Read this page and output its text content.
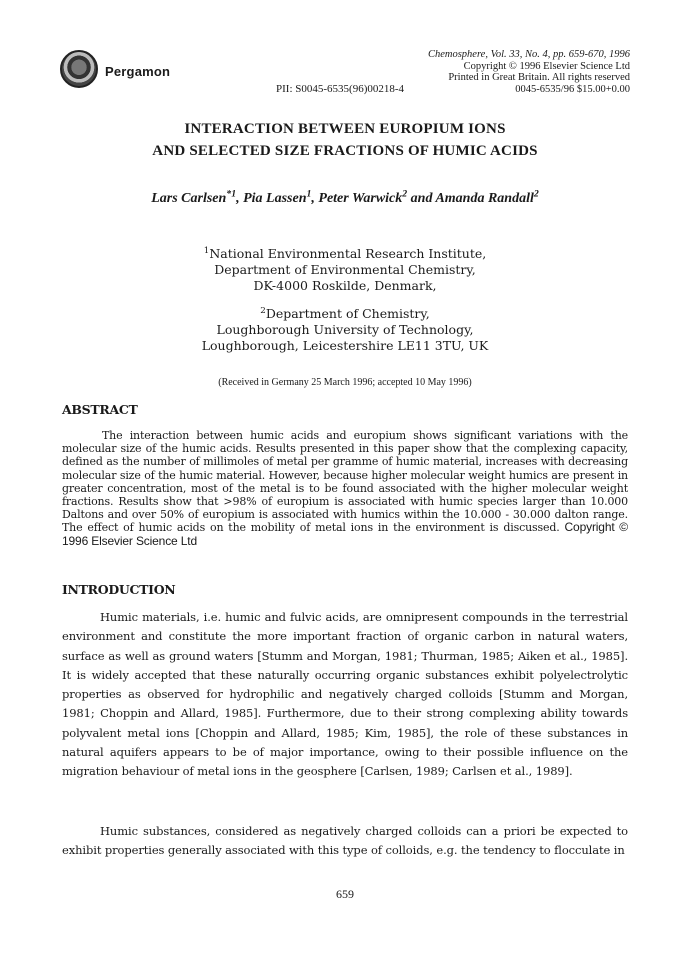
Pergamon
PII: S0045-6535(96)00218-4
Chemosphere, Vol. 33, No. 4, pp. 659-670, 1996
Copyright © 1996 Elsevier Science Ltd
Printed in Great Britain. All rights reserved
0045-6535/96 $15.00+0.00
INTERACTION BETWEEN EUROPIUM IONS
AND SELECTED SIZE FRACTIONS OF HUMIC ACIDS
Lars Carlsen$^{*1}$, Pia Lassen$^1$, Peter Warwick$^2$ and Amanda Randall$^2$
$^1$National Environmental Research Institute,
Department of Environmental Chemistry,
DK-4000 Roskilde, Denmark,
$^2$Department of Chemistry,
Loughborough University of Technology,
Loughborough, Leicestershire LE11 3TU, UK
(Received in Germany 25 March 1996; accepted 10 May 1996)
ABSTRACT
The interaction between humic acids and europium shows significant variations with the molecular size of the humic acids. Results presented in this paper show that the complexing capacity, defined as the number of millimoles of metal per gramme of humic material, increases with decreasing molecular size of the humic material. However, because higher molecular weight humics are present in greater concentration, most of the metal is to be found associated with the higher molecular weight fractions. Results show that >98% of europium is associated with humic species larger than 10.000 Daltons and over 50% of europium is associated with humics within the 10.000 - 30.000 dalton range. The effect of humic acids on the mobility of metal ions in the environment is discussed. Copyright © 1996 Elsevier Science Ltd
INTRODUCTION
Humic materials, i.e. humic and fulvic acids, are omnipresent compounds in the terrestrial environment and constitute the more important fraction of organic carbon in natural waters, surface as well as ground waters [Stumm and Morgan, 1981; Thurman, 1985; Aiken et al., 1985]. It is widely accepted that these naturally occurring organic substances exhibit polyelectrolytic properties as observed for hydrophilic and negatively charged colloids [Stumm and Morgan, 1981; Choppin and Allard, 1985]. Furthermore, due to their strong complexing ability towards polyvalent metal ions [Choppin and Allard, 1985; Kim, 1985], the role of these substances in natural aquifers appears to be of major importance, owing to their possible influence on the migration behaviour of metal ions in the geosphere [Carlsen, 1989; Carlsen et al., 1989].
Humic substances, considered as negatively charged colloids can a priori be expected to exhibit properties generally associated with this type of colloids, e.g. the tendency to flocculate in
659
